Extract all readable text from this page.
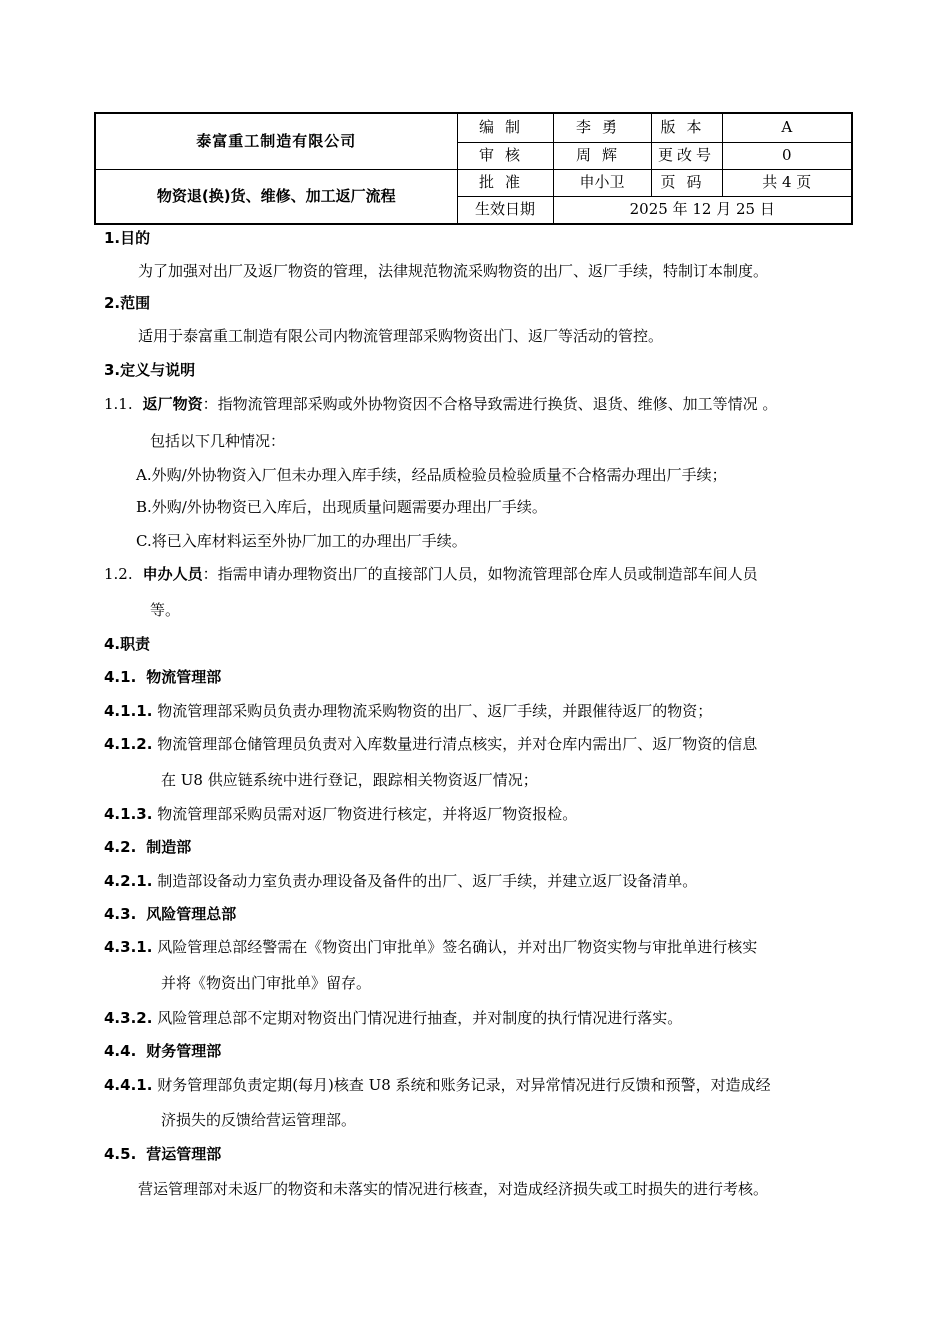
泰富重工制造有限公司	编制	李勇	版本	A
	审核	周辉	更改号	0
物资退(换)货、维修、加工返厂流程	批准	申小卫	页码	共 4 页
	生效日期	2025 年 12 月 25 日		
1.目的
为了加强对出厂及返厂物资的管理，法律规范物流采购物资的出厂、返厂手续，特制订本制度。
2.范围
适用于泰富重工制造有限公司内物流管理部采购物资出门、返厂等活动的管控。
3.定义与说明
1.1. 返厂物资：指物流管理部采购或外协物资因不合格导致需进行换货、退货、维修、加工等情况 。
包括以下几种情况：
A.外购/外协物资入厂但未办理入库手续，经品质检验员检验质量不合格需办理出厂手续；
B.外购/外协物资已入库后，出现质量问题需要办理出厂手续。
C.将已入库材料运至外协厂加工的办理出厂手续。
1.2. 申办人员：指需申请办理物资出厂的直接部门人员，如物流管理部仓库人员或制造部车间人员
等。
4.职责
4.1. 物流管理部
4.1.1. 物流管理部采购员负责办理物流采购物资的出厂、返厂手续，并跟催待返厂的物资；
4.1.2. 物流管理部仓储管理员负责对入库数量进行清点核实，并对仓库内需出厂、返厂物资的信息
在 U8 供应链系统中进行登记，跟踪相关物资返厂情况；
4.1.3. 物流管理部采购员需对返厂物资进行核定，并将返厂物资报检。
4.2. 制造部
4.2.1. 制造部设备动力室负责办理设备及备件的出厂、返厂手续，并建立返厂设备清单。
4.3. 风险管理总部
4.3.1. 风险管理总部经警需在《物资出门审批单》签名确认，并对出厂物资实物与审批单进行核实
并将《物资出门审批单》留存。
4.3.2. 风险管理总部不定期对物资出门情况进行抽查，并对制度的执行情况进行落实。
4.4. 财务管理部
4.4.1. 财务管理部负责定期(每月)核查 U8 系统和账务记录，对异常情况进行反馈和预警，对造成经
济损失的反馈给营运管理部。
4.5. 营运管理部
营运管理部对未返厂的物资和未落实的情况进行核查，对造成经济损失或工时损失的进行考核。
